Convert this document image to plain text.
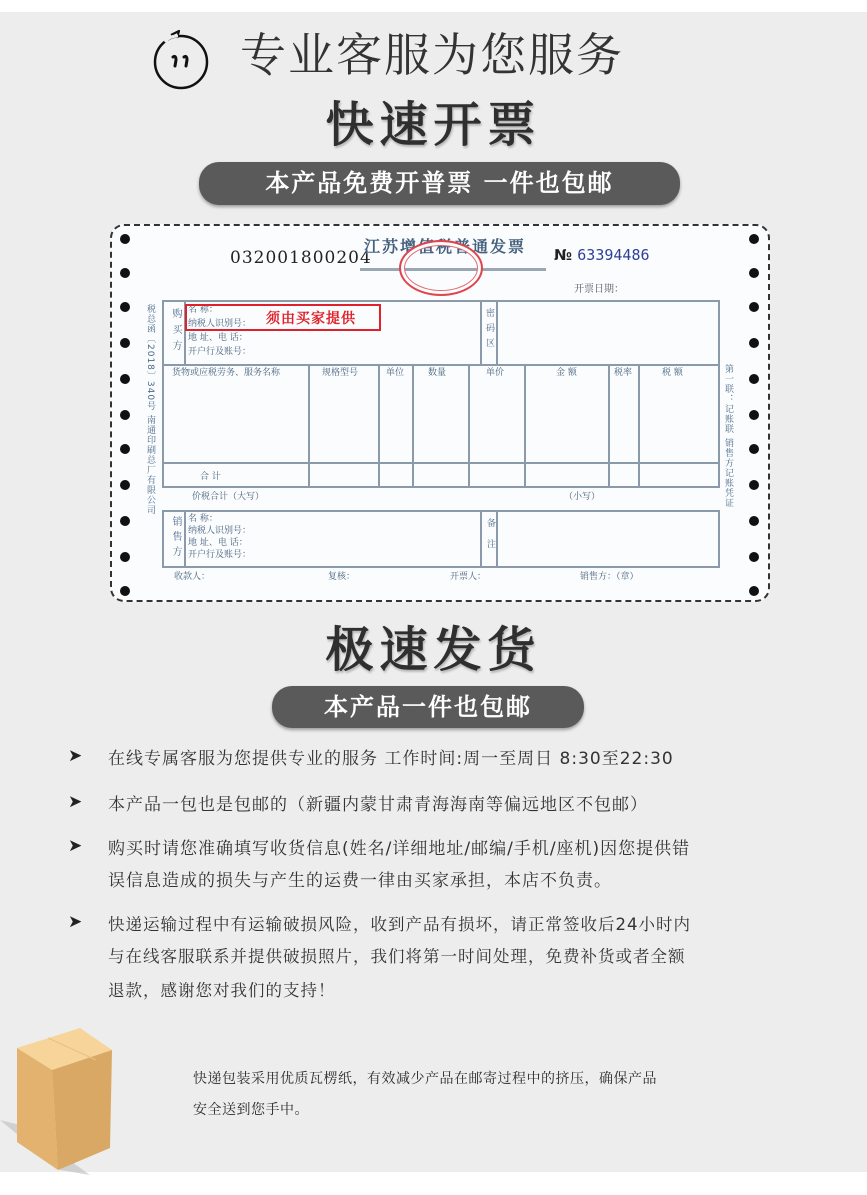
专业客服为您服务
快速开票
本产品免费开普票 一件也包邮
032001800204
江苏增值税普通发票 № 63394486
开票日期：
税总函〔2018〕340号 南通印刷总厂有限公司	第一联：记账联 销售方记账凭证
购买方 名 称：
纳税人识别号：
地 址、电 话：
开户行及账号：
须由买家提供	密码区
货物或应税劳务、服务名称	规格型号	单位	数量	单价	金 额	税率	税 额
合 计
价税合计（大写）	（小写）
销售方 名 称：
纳税人识别号：
地 址、电 话：
开户行及账号：	备注
收款人：	复核：	开票人：	销售方：（章）
极速发货
本产品一件也包邮
➤ 在线专属客服为您提供专业的服务 工作时间:周一至周日 8:30至22:30
➤ 本产品一包也是包邮的（新疆内蒙甘肃青海海南等偏远地区不包邮）
➤ 购买时请您准确填写收货信息(姓名/详细地址/邮编/手机/座机)因您提供错
误信息造成的损失与产生的运费一律由买家承担，本店不负责。
➤ 快递运输过程中有运输破损风险，收到产品有损坏，请正常签收后24小时内
与在线客服联系并提供破损照片，我们将第一时间处理，免费补货或者全额
退款，感谢您对我们的支持！
快递包装采用优质瓦楞纸，有效减少产品在邮寄过程中的挤压，确保产品
安全送到您手中。
